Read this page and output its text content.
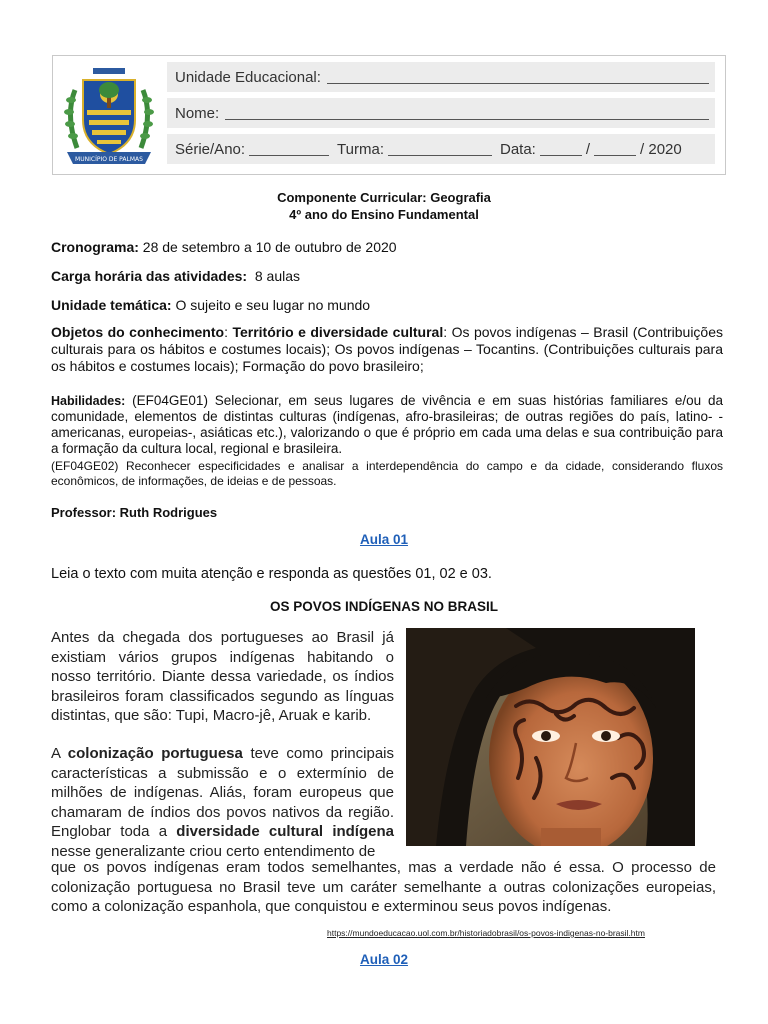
MUNICÍPIO DE PALMAS
Unidade Educacional:
Nome:
Série/Ano:	Turma:	Data:	/	/ 2020
Componente Curricular: Geografia
4º ano do Ensino Fundamental
Cronograma: 28 de setembro a 10 de outubro de 2020
Carga horária das atividades:  8 aulas
Unidade temática: O sujeito e seu lugar no mundo
Objetos do conhecimento: Território e diversidade cultural: Os povos indígenas – Brasil (Contribuições culturais para os hábitos e costumes locais); Os povos indígenas – Tocantins. (Contribuições culturais para os hábitos e costumes locais); Formação do povo brasileiro;
Habilidades: (EF04GE01) Selecionar, em seus lugares de vivência e em suas histórias familiares e/ou da comunidade, elementos de distintas culturas (indígenas, afro-brasileiras; de outras regiões do país, latino- -americanas, europeias-, asiáticas etc.), valorizando o que é próprio em cada uma delas e sua contribuição para a formação da cultura local, regional e brasileira.
(EF04GE02) Reconhecer especificidades e analisar a interdependência do campo e da cidade, considerando fluxos econômicos, de informações, de ideias e de pessoas.
Professor: Ruth Rodrigues
Aula 01
Leia o texto com muita atenção e responda as questões 01, 02 e 03.
OS POVOS INDÍGENAS NO BRASIL
Antes da chegada dos portugueses ao Brasil já existiam vários grupos indígenas habitando o nosso território. Diante dessa variedade, os índios brasileiros foram classificados segundo as línguas distintas, que são: Tupi, Macro-jê, Aruak e karib.
A colonização portuguesa teve como principais características a submissão e o extermínio de milhões de indígenas. Aliás, foram europeus que chamaram de índios dos povos nativos da região. Englobar toda a diversidade cultural indígena nesse generalizante criou certo entendimento de
que os povos indígenas eram todos semelhantes, mas a verdade não é essa. O processo de colonização portuguesa no Brasil teve um caráter semelhante a outras colonizações europeias, como a colonização espanhola, que conquistou e exterminou seus povos indígenas.
https://mundoeducacao.uol.com.br/historiadobrasil/os-povos-indigenas-no-brasil.htm
Aula 02
